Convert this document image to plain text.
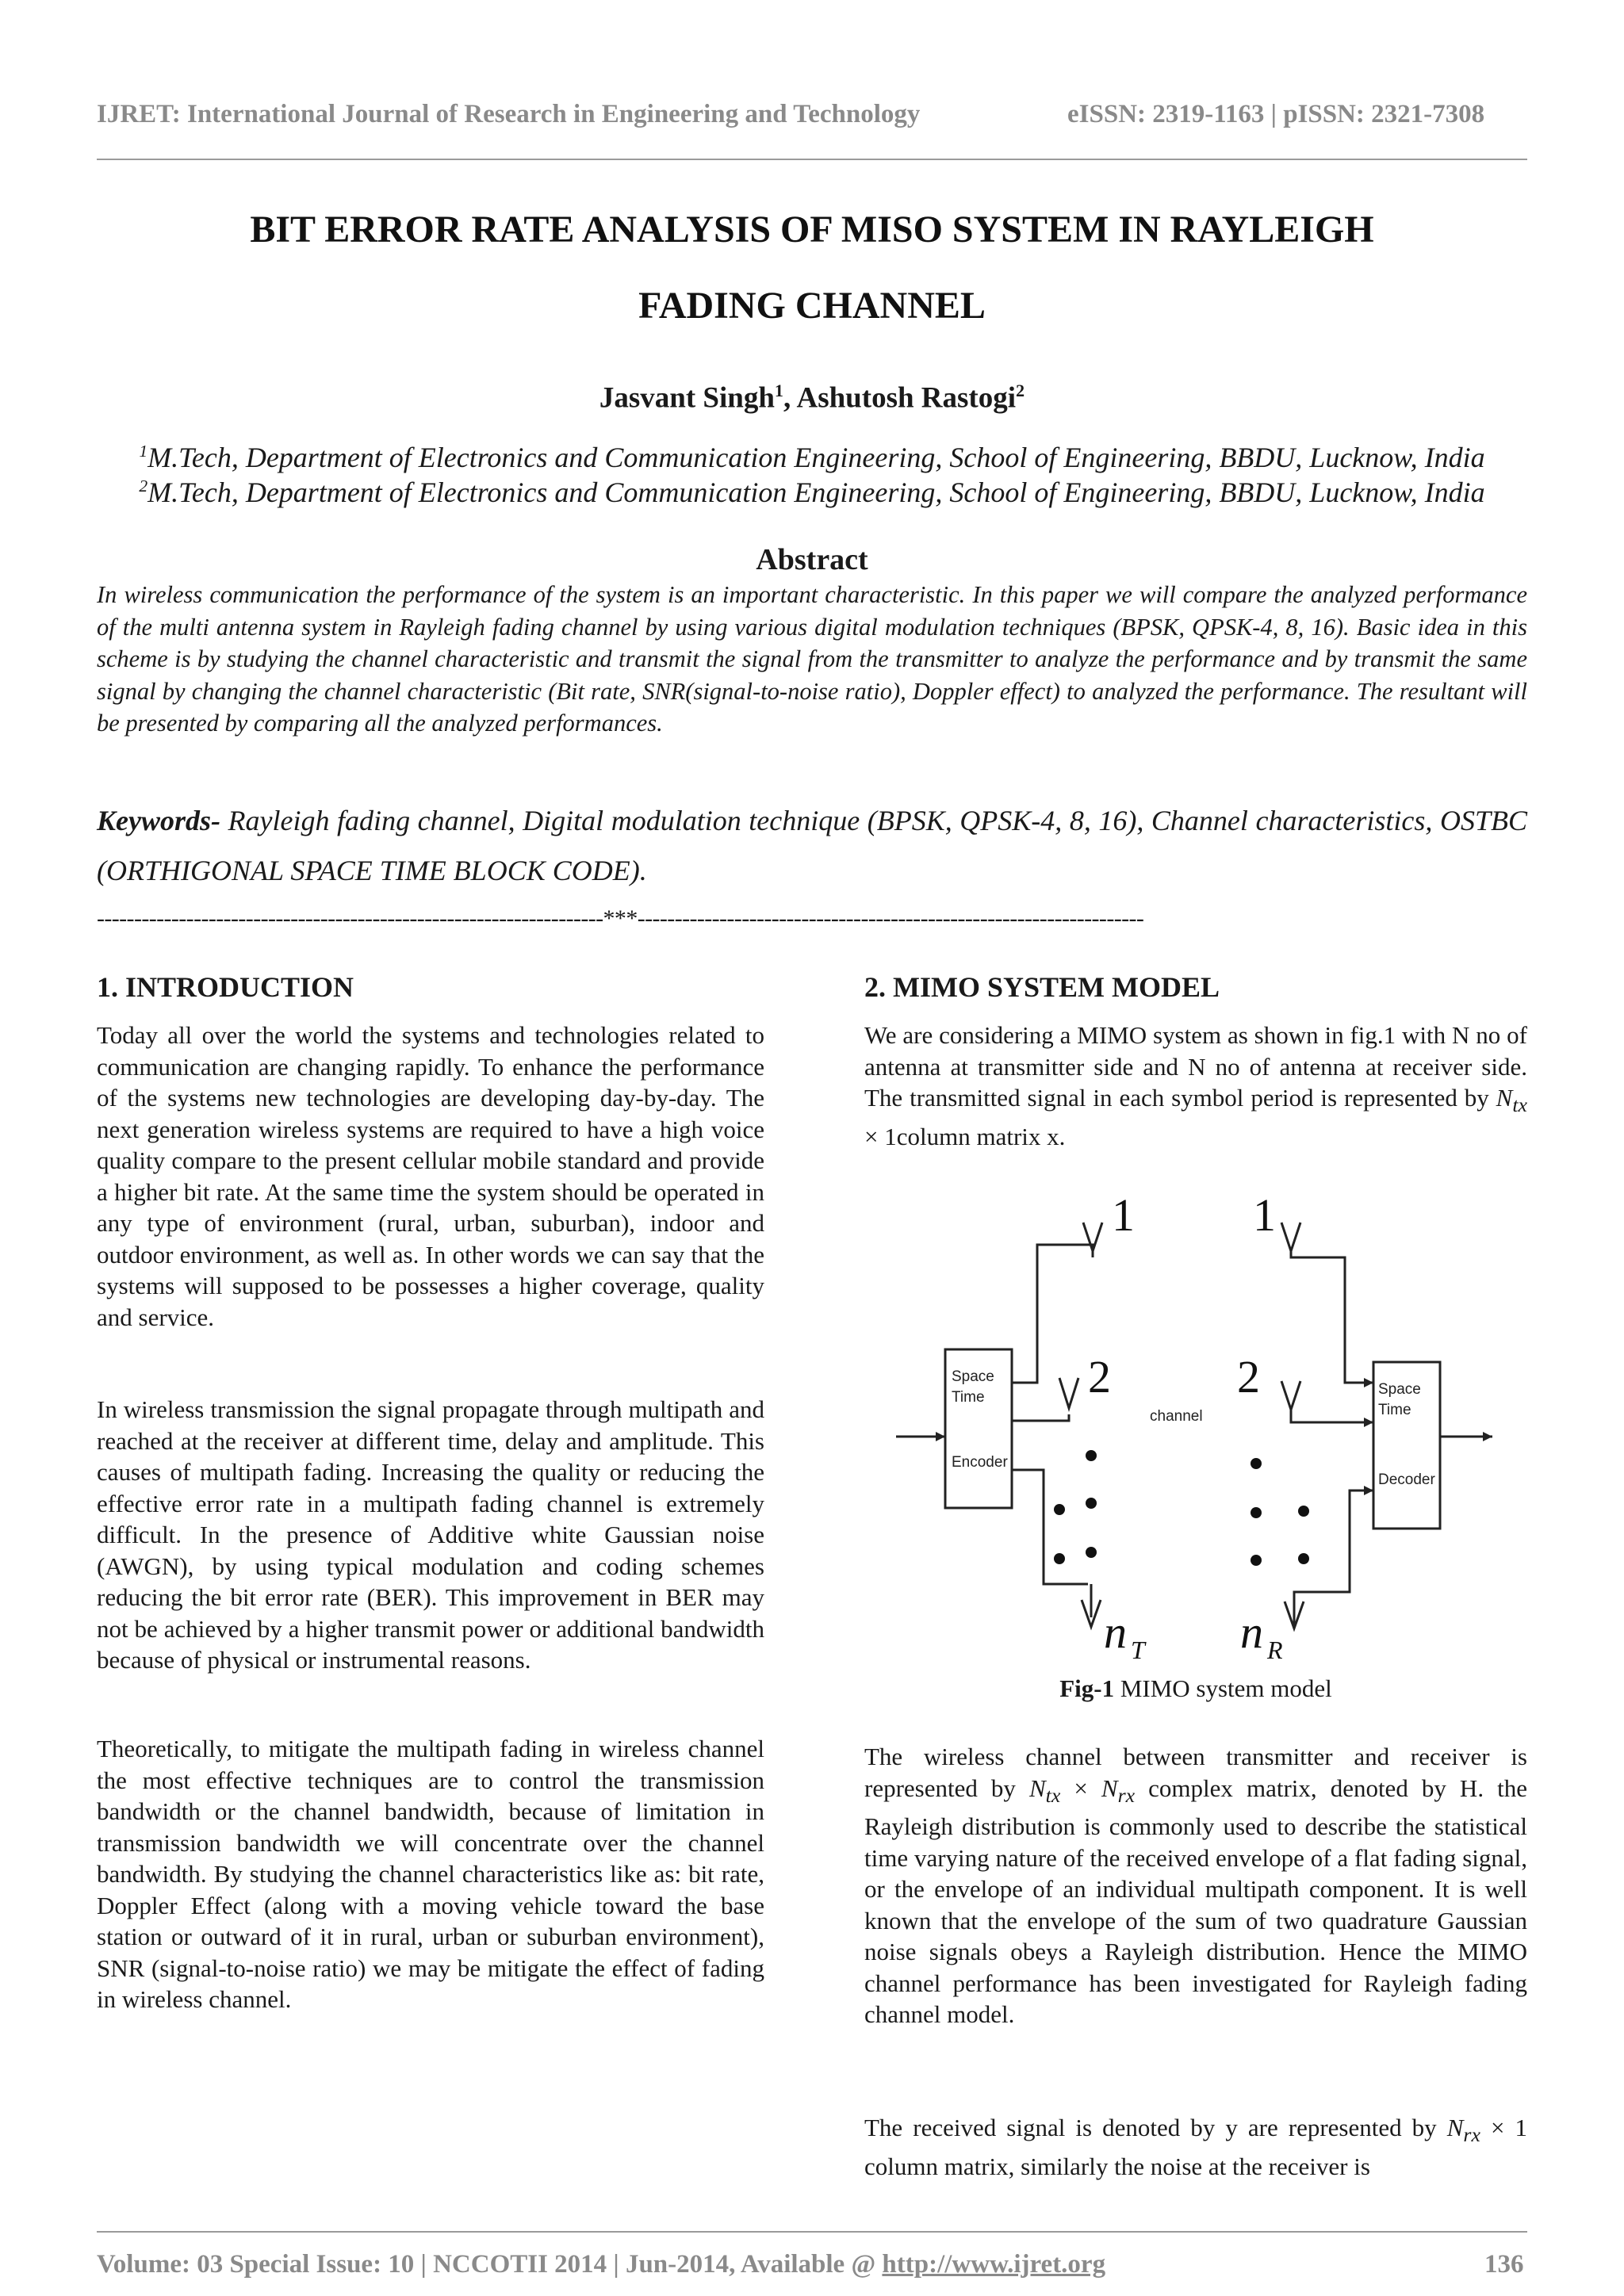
IJRET: International Journal of Research in Engineering and Technology	eISSN: 2319-1163 | pISSN: 2321-7308
BIT ERROR RATE ANALYSIS OF MISO SYSTEM IN RAYLEIGH
FADING CHANNEL
Jasvant Singh$^1$, Ashutosh Rastogi$^2$
$^1$M.Tech, Department of Electronics and Communication Engineering, School of Engineering, BBDU, Lucknow, India
$^2$M.Tech, Department of Electronics and Communication Engineering, School of Engineering, BBDU, Lucknow, India
Abstract
In wireless communication the performance of the system is an important characteristic. In this paper we will compare the analyzed performance of the multi antenna system in Rayleigh fading channel by using various digital modulation techniques (BPSK, QPSK-4, 8, 16). Basic idea in this scheme is by studying the channel characteristic and transmit the signal from the transmitter to analyze the performance and by transmit the same signal by changing the channel characteristic (Bit rate, SNR(signal-to-noise ratio), Doppler effect) to analyzed the performance. The resultant will be presented by comparing all the analyzed performances.
Keywords- Rayleigh fading channel, Digital modulation technique (BPSK, QPSK-4, 8, 16), Channel characteristics, OSTBC (ORTHIGONAL SPACE TIME BLOCK CODE).
--------------------------------------------------------------------***--------------------------------------------------------------------
1. INTRODUCTION
Today all over the world the systems and technologies related to communication are changing rapidly. To enhance the performance of the systems new technologies are developing day-by-day. The next generation wireless systems are required to have a high voice quality compare to the present cellular mobile standard and provide a higher bit rate. At the same time the system should be operated in any type of environment (rural, urban, suburban), indoor and outdoor environment, as well as. In other words we can say that the systems will supposed to be possesses a higher coverage, quality and service.
In wireless transmission the signal propagate through multipath and reached at the receiver at different time, delay and amplitude. This causes of multipath fading. Increasing the quality or reducing the effective error rate in a multipath fading channel is extremely difficult. In the presence of Additive white Gaussian noise (AWGN), by using typical modulation and coding schemes reducing the bit error rate (BER). This improvement in BER may not be achieved by a higher transmit power or additional bandwidth because of physical or instrumental reasons.
Theoretically, to mitigate the multipath fading in wireless channel the most effective techniques are to control the transmission bandwidth or the channel bandwidth, because of limitation in transmission bandwidth we will concentrate over the channel bandwidth. By studying the channel characteristics like as: bit rate, Doppler Effect (along with a moving vehicle toward the base station or outward of it in rural, urban or suburban environment), SNR (signal-to-noise ratio) we may be mitigate the effect of fading in wireless channel.
2. MIMO SYSTEM MODEL
We are considering a MIMO system as shown in fig.1 with N no of antenna at transmitter side and N no of antenna at receiver side. The transmitted signal in each symbol period is represented by $N_{tx}$ × 1column matrix x.
Space
Time
Encoder
Space
Time
Decoder
channel
1
2
1
2
n T n R
Fig-1 MIMO system model
The wireless channel between transmitter and receiver is represented by $N_{tx} \times N_{rx}$ complex matrix, denoted by H. the Rayleigh distribution is commonly used to describe the statistical time varying nature of the received envelope of a flat fading signal, or the envelope of an individual multipath component. It is well known that the envelope of the sum of two quadrature Gaussian noise signals obeys a Rayleigh distribution. Hence the MIMO channel performance has been investigated for Rayleigh fading channel model.
The received signal is denoted by y are represented by $N_{rx} \times 1$ column matrix, similarly the noise at the receiver is
Volume: 03 Special Issue: 10 | NCCOTII 2014 | Jun-2014, Available @ http://www.ijret.org	136
